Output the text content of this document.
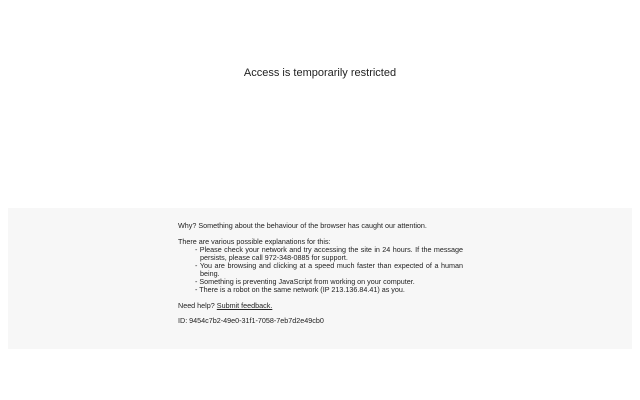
Access is temporarily restricted

Why? Something about the behaviour of the browser has caught our attention.

There are various possible explanations for this:

- Please check your network and try accessing the site in 24 hours. If the message persists, please call 972-348-0885 for support.
- You are browsing and clicking at a speed much faster than expected of a human being.
- Something is preventing JavaScript from working on your computer.
- There is a robot on the same network (IP 213.136.84.41) as you.

Need help? Submit feedback.

ID: 9454c7b2-49e0-31f1-7058-7eb7d2e49cb0
